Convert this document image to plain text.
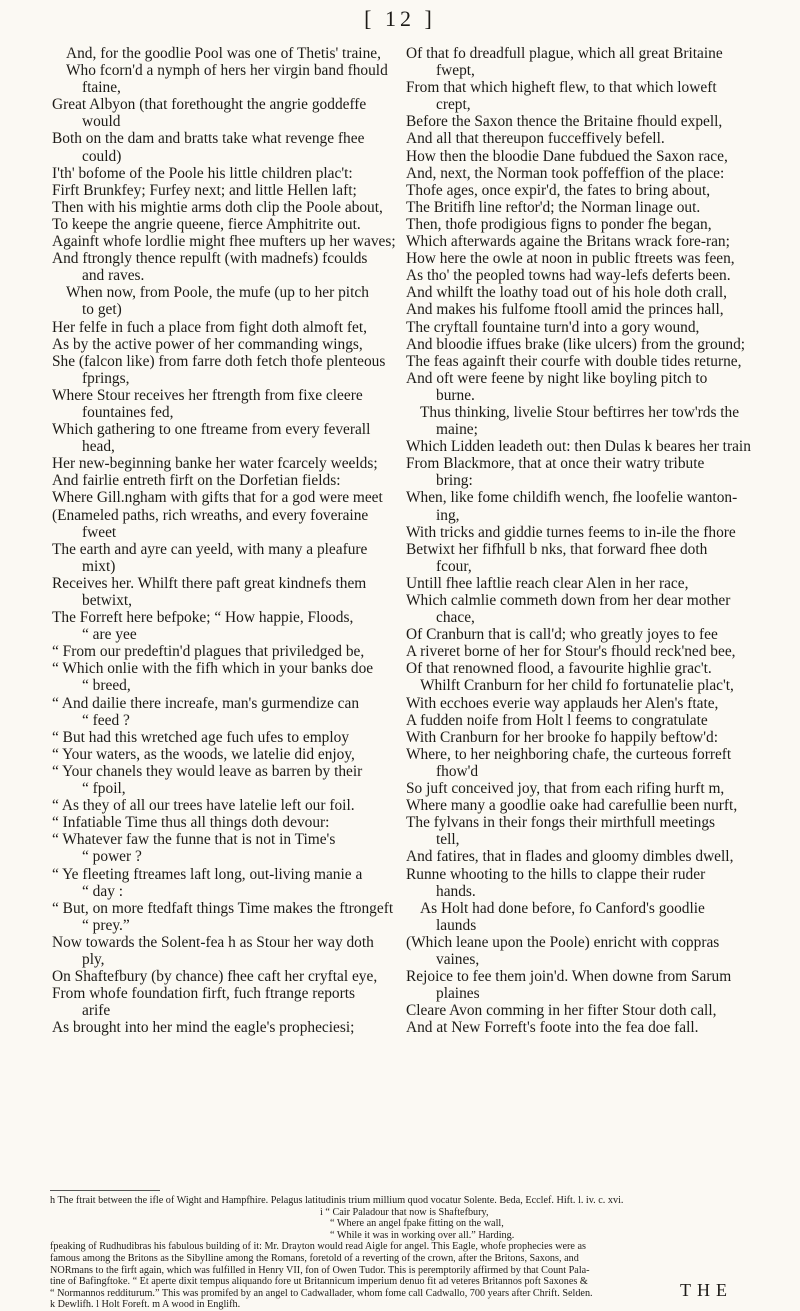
[ 12 ]
And, for the goodlie Pool was one of Thetis' traine,
Who fcorn'd a nymph of hers her virgin band fhould
ftaine,
Great Albyon (that forethought the angrie goddeffe
would
Both on the dam and bratts take what revenge fhee
could)
I'th' bofome of the Poole his little children plac't:
Firft Brunkfey; Furfey next; and little Hellen laft;
Then with his mightie arms doth clip the Poole about,
To keepe the angrie queene, fierce Amphitrite out.
Againft whofe lordlie might fhee mufters up her waves;
And ftrongly thence repulft (with madnefs) fcoulds
and raves.
When now, from Poole, the mufe (up to her pitch
to get)
Her felfe in fuch a place from fight doth almoft fet,
As by the active power of her commanding wings,
She (falcon like) from farre doth fetch thofe plenteous
fprings,
Where Stour receives her ftrength from fixe cleere
fountaines fed,
Which gathering to one ftreame from every feverall
head,
Her new-beginning banke her water fcarcely weelds;
And fairlie entreth firft on the Dorfetian fields:
Where Gill.ngham with gifts that for a god were meet
(Enameled paths, rich wreaths, and every foveraine
fweet
The earth and ayre can yeeld, with many a pleafure
mixt)
Receives her. Whilft there paft great kindnefs them
betwixt,
The Forreft here befpoke; “ How happie, Floods,
“ are yee
“ From our predeftin'd plagues that priviledged be,
“ Which onlie with the fifh which in your banks doe
“ breed,
“ And dailie there increafe, man's gurmendize can
“ feed ?
“ But had this wretched age fuch ufes to employ
“ Your waters, as the woods, we latelie did enjoy,
“ Your chanels they would leave as barren by their
“ fpoil,
“ As they of all our trees have latelie left our foil.
“ Infatiable Time thus all things doth devour:
“ Whatever faw the funne that is not in Time's
“ power ?
“ Ye fleeting ftreames laft long, out-living manie a
“ day :
“ But, on more ftedfaft things Time makes the ftrongeft
“ prey.”
Now towards the Solent-fea h as Stour her way doth
ply,
On Shaftefbury (by chance) fhee caft her cryftal eye,
From whofe foundation firft, fuch ftrange reports
arife
As brought into her mind the eagle's propheciesi;
Of that fo dreadfull plague, which all great Britaine
fwept,
From that which higheft flew, to that which loweft
crept,
Before the Saxon thence the Britaine fhould expell,
And all that thereupon fucceffively befell.
How then the bloodie Dane fubdued the Saxon race,
And, next, the Norman took poffeffion of the place:
Thofe ages, once expir'd, the fates to bring about,
The Britifh line reftor'd; the Norman linage out.
Then, thofe prodigious figns to ponder fhe began,
Which afterwards againe the Britans wrack fore-ran;
How here the owle at noon in public ftreets was feen,
As tho' the peopled towns had way-lefs deferts been.
And whilft the loathy toad out of his hole doth crall,
And makes his fulfome ftooll amid the princes hall,
The cryftall fountaine turn'd into a gory wound,
And bloodie iffues brake (like ulcers) from the ground;
The feas againft their courfe with double tides returne,
And oft were feene by night like boyling pitch to
burne.
Thus thinking, livelie Stour beftirres her tow'rds the
maine;
Which Lidden leadeth out: then Dulas k beares her train
From Blackmore, that at once their watry tribute
bring:
When, like fome childifh wench, fhe loofelie wanton-
ing,
With tricks and giddie turnes feems to in-ile the fhore
Betwixt her fifhfull b nks, that forward fhee doth
fcour,
Untill fhee laftlie reach clear Alen in her race,
Which calmlie commeth down from her dear mother
chace,
Of Cranburn that is call'd; who greatly joyes to fee
A riveret borne of her for Stour's fhould reck'ned bee,
Of that renowned flood, a favourite highlie grac't.
Whilft Cranburn for her child fo fortunatelie plac't,
With ecchoes everie way applauds her Alen's ftate,
A fudden noife from Holt l feems to congratulate
With Cranburn for her brooke fo happily beftow'd:
Where, to her neighboring chafe, the curteous forreft
fhow'd
So juft conceived joy, that from each rifing hurft m,
Where many a goodlie oake had carefullie been nurft,
The fylvans in their fongs their mirthfull meetings
tell,
And fatires, that in flades and gloomy dimbles dwell,
Runne whooting to the hills to clappe their ruder
hands.
As Holt had done before, fo Canford's goodlie
launds
(Which leane upon the Poole) enricht with coppras
vaines,
Rejoice to fee them join'd. When downe from Sarum
plaines
Cleare Avon comming in her fifter Stour doth call,
And at New Forreft's foote into the fea doe fall.
h The ftrait between the ifle of Wight and Hampfhire. Pelagus latitudinis trium millium quod vocatur Solente. Beda, Ecclef. Hift. l. iv. c. xvi.
i “ Cair Paladour that now is Shaftefbury,
“ Where an angel fpake fitting on the wall,
“ While it was in working over all.” Harding.
fpeaking of Rudhudibras his fabulous building of it: Mr. Drayton would read Aigle for angel. This Eagle, whofe prophecies were as
famous among the Britons as the Sibylline among the Romans, foretold of a reverting of the crown, after the Britons, Saxons, and
NORmans to the firft again, which was fulfilled in Henry VII, fon of Owen Tudor. This is peremptorily affirmed by that Count Pala-
tine of Bafingftoke. “ Et aperte dixit tempus aliquando fore ut Britannicum imperium denuo fit ad veteres Britannos poft Saxones &
“ Normannos redditurum.” This was promifed by an angel to Cadwallader, whom fome call Cadwallo, 700 years after Chrift. Selden.
k Dewlifh. l Holt Foreft. m A wood in Englifh.
THE
